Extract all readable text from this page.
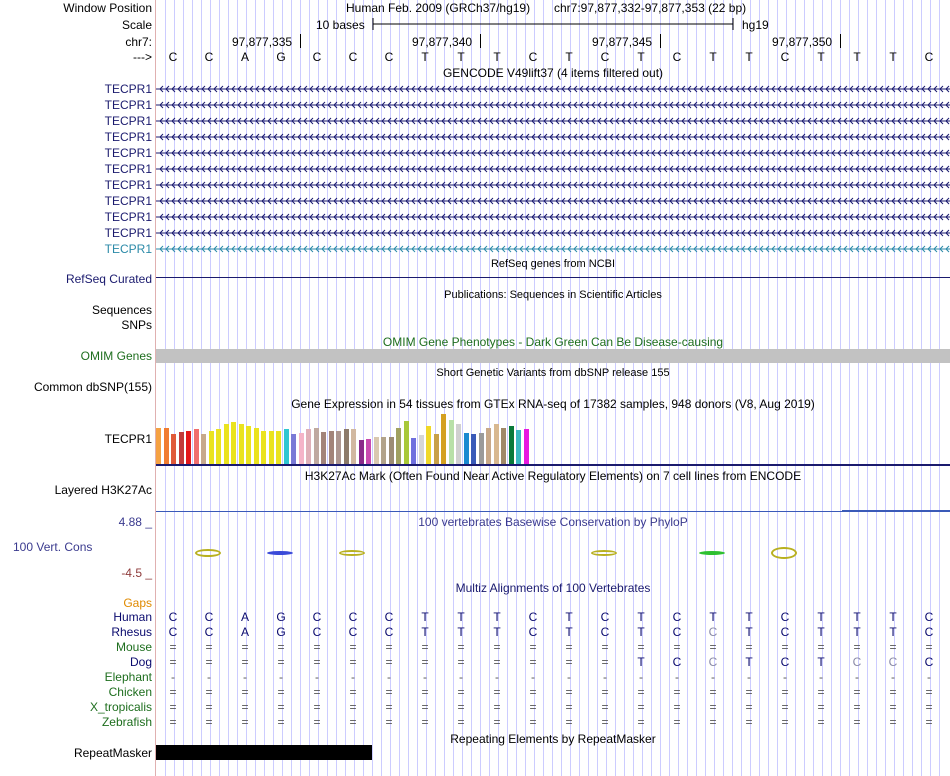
Window Position	Human Feb. 2009 (GRCh37/hg19) chr7:97,877,332-97,877,353 (22 bp)
Scale	10 bases	hg19
chr7:	97,877,335	97,877,340	97,877,345	97,877,350
--->	C	C	A	G	C	C	C	T	T	T	C	T	C	T	C	T	T	C	T	T	T	C
GENCODE V49lift37 (4 items filtered out)
TECPR1
TECPR1
TECPR1
TECPR1
TECPR1
TECPR1
TECPR1
TECPR1
TECPR1
TECPR1
TECPR1
RefSeq genes from NCBI
RefSeq Curated
Publications: Sequences in Scientific Articles
Sequences
SNPs
OMIM Gene Phenotypes - Dark Green Can Be Disease-causing
OMIM Genes
Short Genetic Variants from dbSNP release 155
Common dbSNP(155)
Gene Expression in 54 tissues from GTEx RNA-seq of 17382 samples, 948 donors (V8, Aug 2019)
TECPR1
H3K27Ac Mark (Often Found Near Active Regulatory Elements) on 7 cell lines from ENCODE
Layered H3K27Ac
4.88 _	100 vertebrates Basewise Conservation by PhyloP
100 Vert. Cons
-4.5 _
Multiz Alignments of 100 Vertebrates
Gaps
Human	C	C	A	G	C	C	C	T	T	T	C	T	C	T	C	T	T	C	T	T	T	C
Rhesus	C	C	A	G	C	C	C	T	T	T	C	T	C	T	C	C	T	C	T	T	T	C
Mouse	=	=	=	=	=	=	=	=	=	=	=	=	=	=	=	=	=	=	=	=	=	=
Dog	=	=	=	=	=	=	=	=	=	=	=	=	=	T	C	C	T	C	T	C	C	C
Elephant	-	-	-	-	-	-	-	-	-	-	-	-	-	-	-	-	-	-	-	-	-	-
Chicken	=	=	=	=	=	=	=	=	=	=	=	=	=	=	=	=	=	=	=	=	=	=
X_tropicalis	=	=	=	=	=	=	=	=	=	=	=	=	=	=	=	=	=	=	=	=	=	=
Zebrafish	=	=	=	=	=	=	=	=	=	=	=	=	=	=	=	=	=	=	=	=	=	=
Repeating Elements by RepeatMasker
RepeatMasker
